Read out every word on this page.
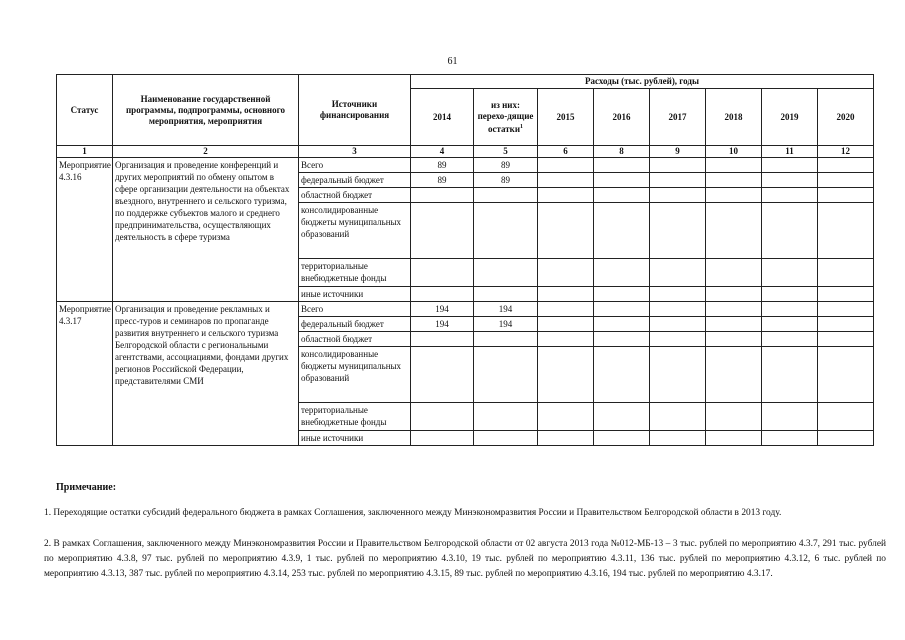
61
Статус	Наименование государственной программы, подпрограммы, основного мероприятия, мероприятия	Источники финансирования	Расходы (тыс. рублей), годы							
			2014	из них: перехо-дящие остатки$^1$	2015	2016	2017	2018	2019	2020
1	2	3	4	5	6	8	9	10	11	12
Мероприятие 4.3.16	Организация и проведение конференций и других мероприятий по обмену опытом в сфере организации деятельности на объектах въездного, внутреннего и сельского туризма, по поддержке субъектов малого и среднего предпринимательства, осуществляющих деятельность в сфере туризма	Всего	89	89						
		федеральный бюджет	89	89						
		областной бюджет								
		консолидированные бюджеты муниципальных образований								
		территориальные внебюджетные фонды								
		иные источники								
Мероприятие 4.3.17	Организация и проведение рекламных и пресс-туров и семинаров по пропаганде развития внутреннего и сельского туризма Белгородской области с региональными агентствами, ассоциациями, фондами других регионов Российской Федерации, представителями СМИ	Всего	194	194						
		федеральный бюджет	194	194						
		областной бюджет								
		консолидированные бюджеты муниципальных образований								
		территориальные внебюджетные фонды								
		иные источники								
Примечание:
1. Переходящие остатки субсидий федерального бюджета в рамках Соглашения, заключенного между Минэкономразвития России и Правительством Белгородской области в 2013 году.
2. В рамках Соглашения, заключенного между Минэкономразвития России и Правительством Белгородской области от 02 августа 2013 года №012-МБ-13 – 3 тыс. рублей по мероприятию 4.3.7, 291 тыс. рублей по мероприятию 4.3.8, 97 тыс. рублей по мероприятию 4.3.9, 1 тыс. рублей по мероприятию 4.3.10, 19 тыс. рублей по мероприятию 4.3.11, 136 тыс. рублей по мероприятию 4.3.12, 6 тыс. рублей по мероприятию 4.3.13, 387 тыс. рублей по мероприятию 4.3.14, 253 тыс. рублей по мероприятию 4.3.15, 89 тыс. рублей по мероприятию 4.3.16, 194 тыс. рублей по мероприятию 4.3.17.
